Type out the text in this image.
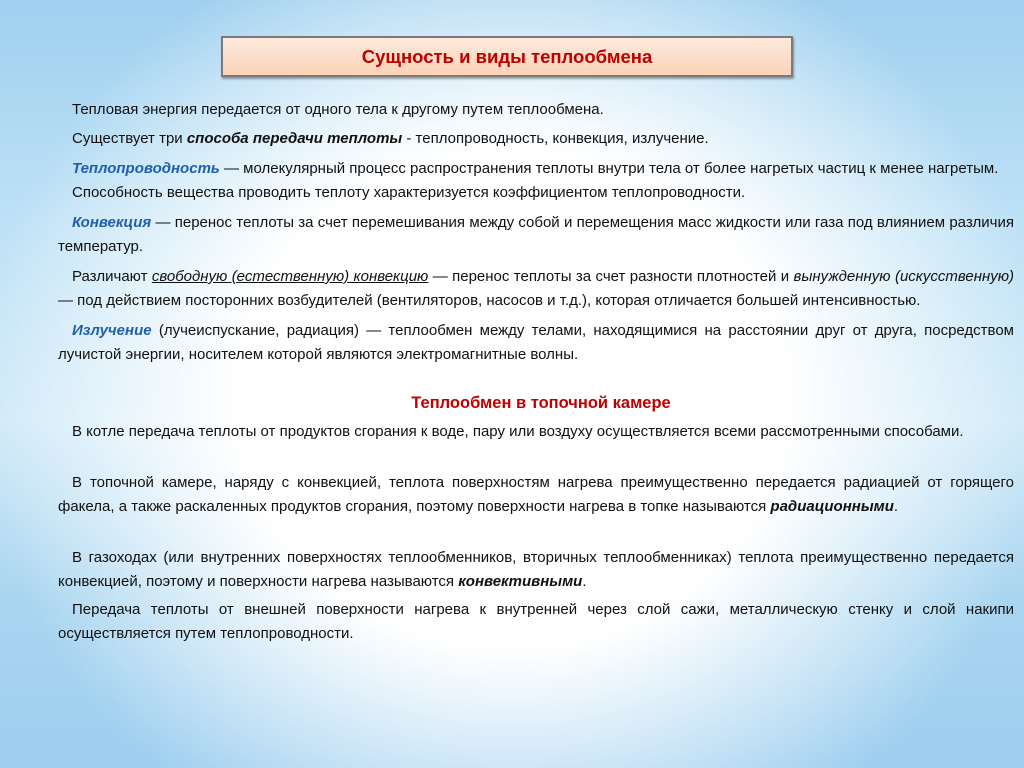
Сущность и виды теплообмена

Тепловая энергия передается от одного тела к другому путем теплообмена.

Существует три способа передачи теплоты - теплопроводность, конвекция, излучение.

Теплопроводность — молекулярный процесс распространения теплоты внутри тела от более нагретых частиц к менее нагретым.

Способность вещества проводить теплоту характеризуется коэффициентом теплопроводности.

Конвекция — перенос теплоты за счет перемешивания между собой и перемещения масс жидкости или газа под влиянием различия температур.

Различают свободную (естественную) конвекцию — перенос теплоты за счет разности плотностей и вынужденную (искусственную) — под действием посторонних возбудителей (вентиляторов, насосов и т.д.), которая отличается большей интенсивностью.

Излучение (лучеиспускание, радиация) — теплообмен между телами, находящимися на расстоянии друг от друга, посредством лучистой энергии, носителем которой являются электромагнитные волны.

Теплообмен в топочной камере

В котле передача теплоты от продуктов сгорания к воде, пару или воздуху осуществляется всеми рассмотренными способами.

В топочной камере, наряду с конвекцией, теплота поверхностям нагрева преимущественно передается радиацией от горящего факела, а также раскаленных продуктов сгорания, поэтому поверхности нагрева в топке называются радиационными.

В газоходах (или внутренних поверхностях теплообменников, вторичных теплообменниках) теплота преимущественно передается конвекцией, поэтому и поверхности нагрева называются конвективными.

Передача теплоты от внешней поверхности нагрева к внутренней через слой сажи, металлическую стенку и слой накипи осуществляется путем теплопроводности.
